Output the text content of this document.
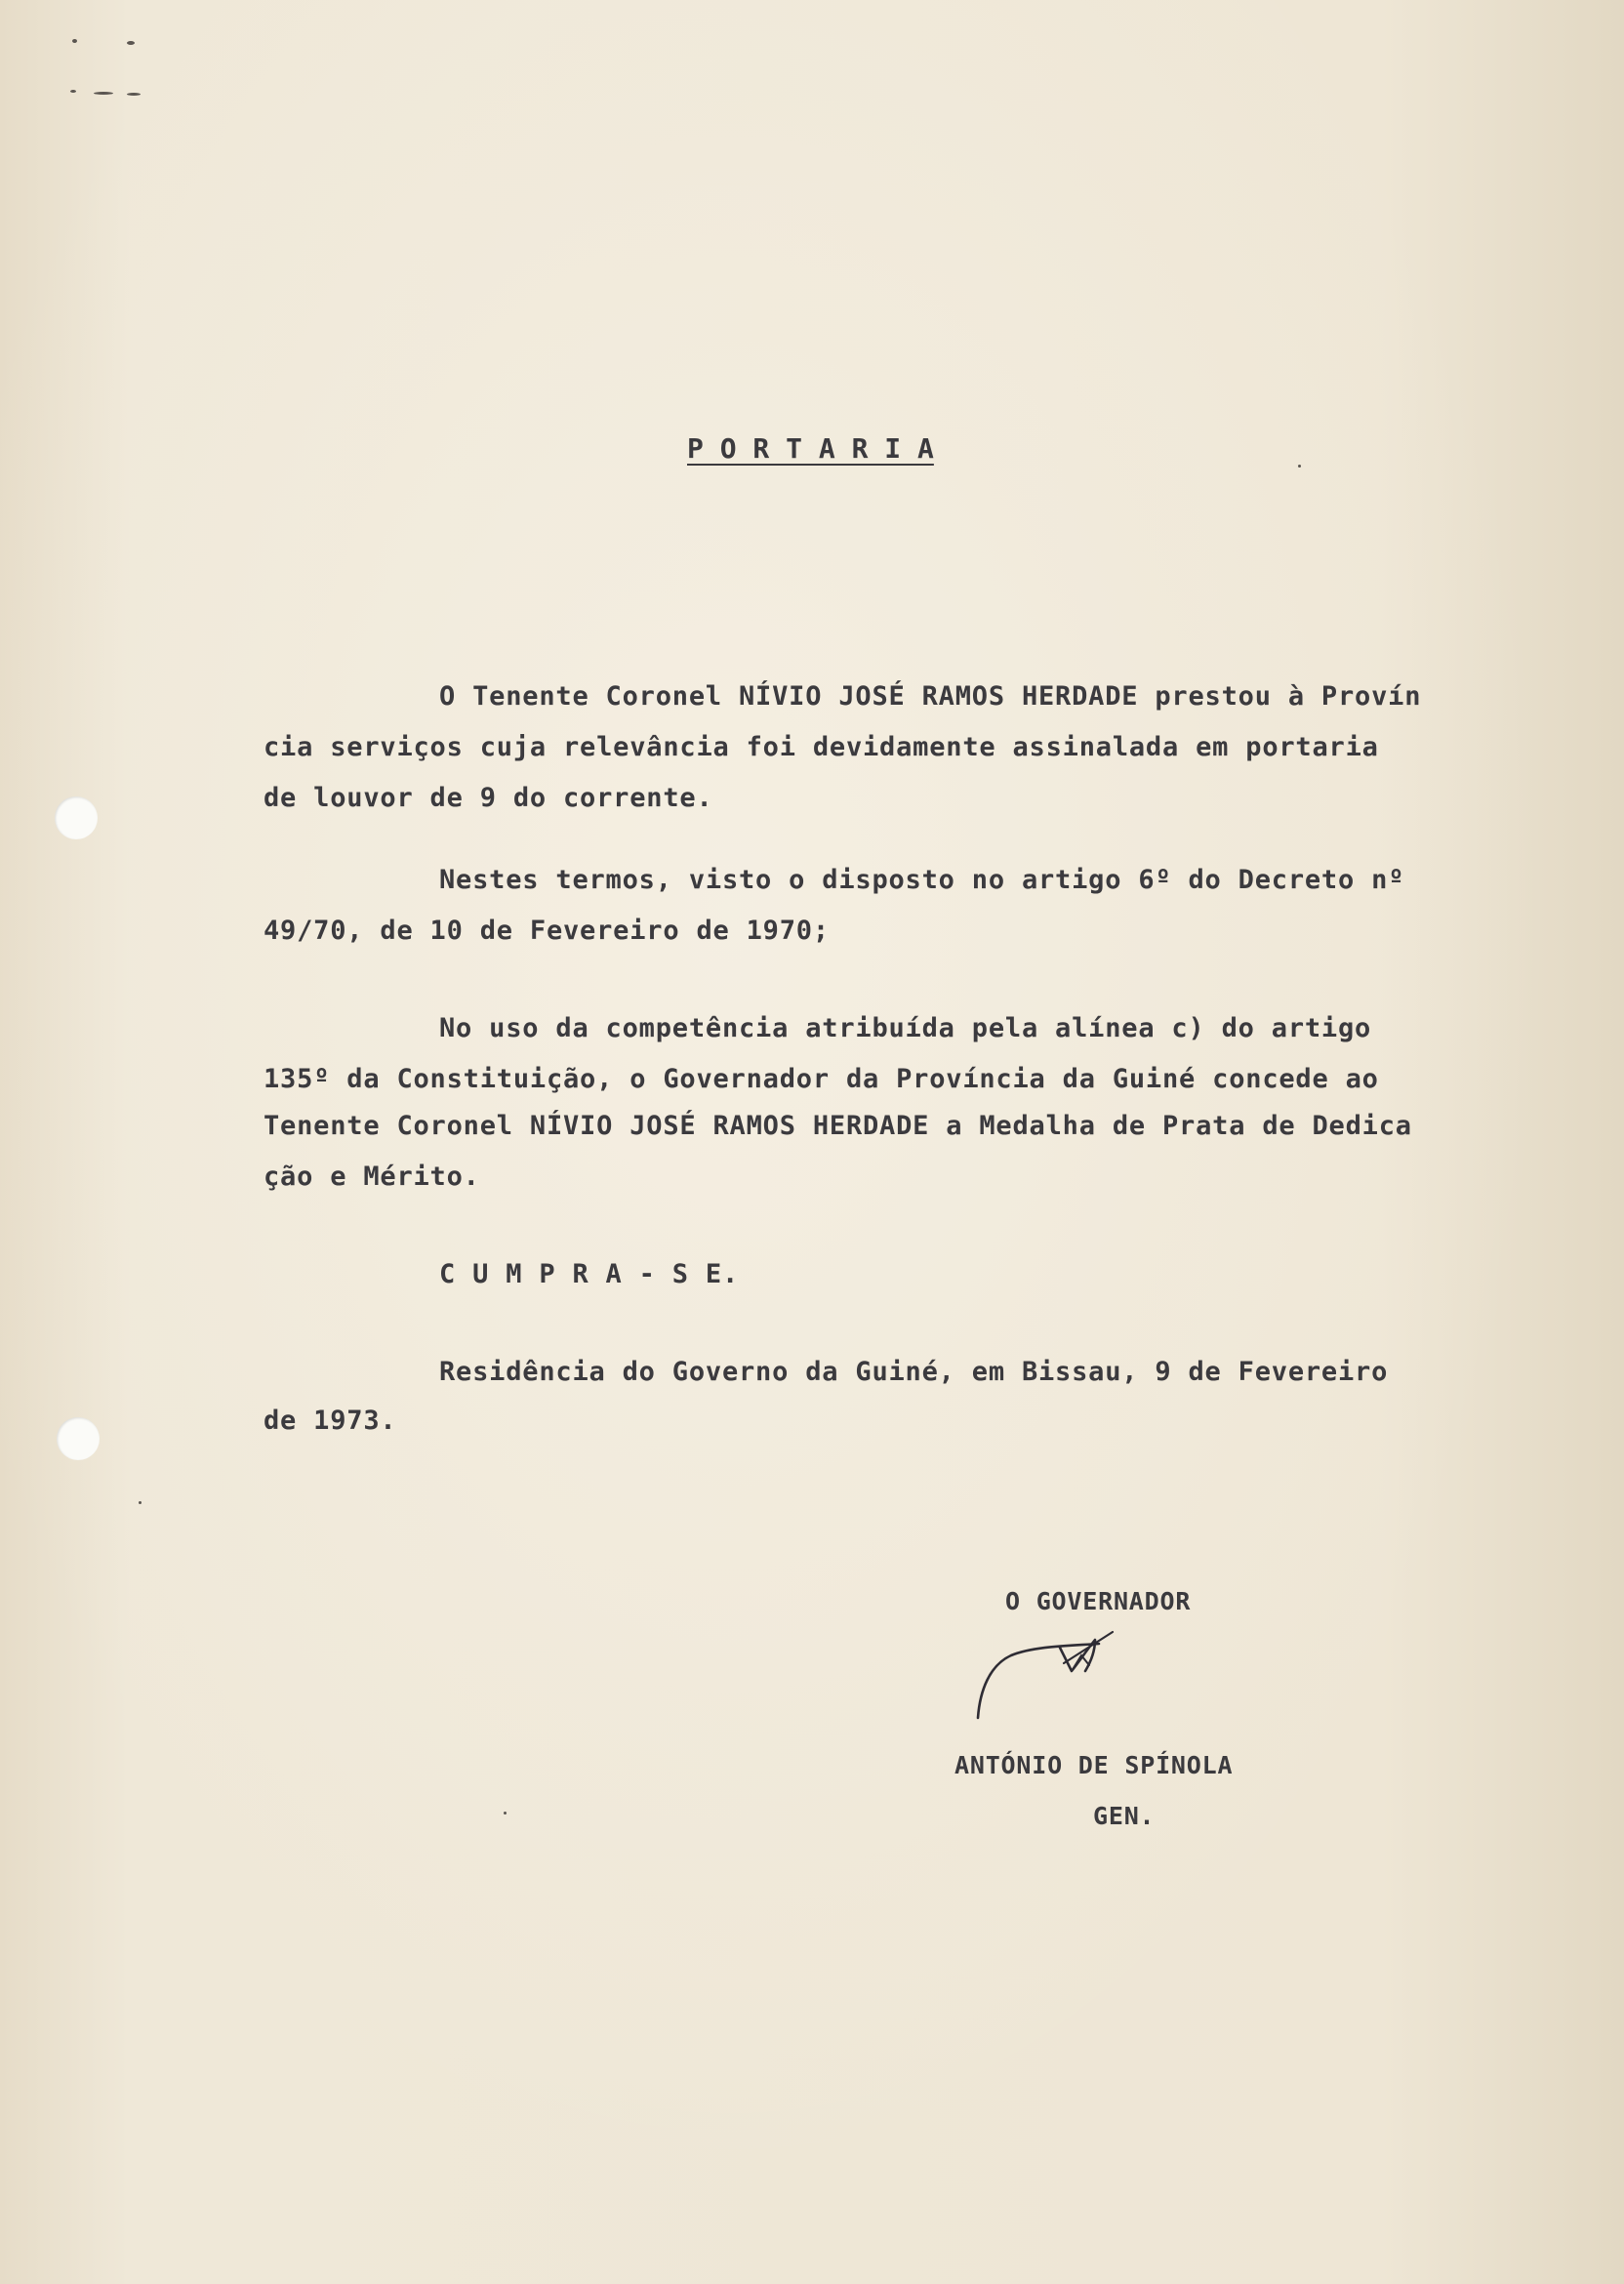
P O R T A R I A
O Tenente Coronel NÍVIO JOSÉ RAMOS HERDADE prestou à Provín
cia serviços cuja relevância foi devidamente assinalada em portaria
de louvor de 9 do corrente.
Nestes termos, visto o disposto no artigo 6º do Decreto nº
49/70, de 10 de Fevereiro de 1970;
No uso da competência atribuída pela alínea c) do artigo
135º da Constituição, o Governador da Província da Guiné concede ao
Tenente Coronel NÍVIO JOSÉ RAMOS HERDADE a Medalha de Prata de Dedica
ção e Mérito.
C U M P R A - S E.
Residência do Governo da Guiné, em Bissau, 9 de Fevereiro
de 1973.
O GOVERNADOR
ANTÓNIO DE SPÍNOLA
GEN.
